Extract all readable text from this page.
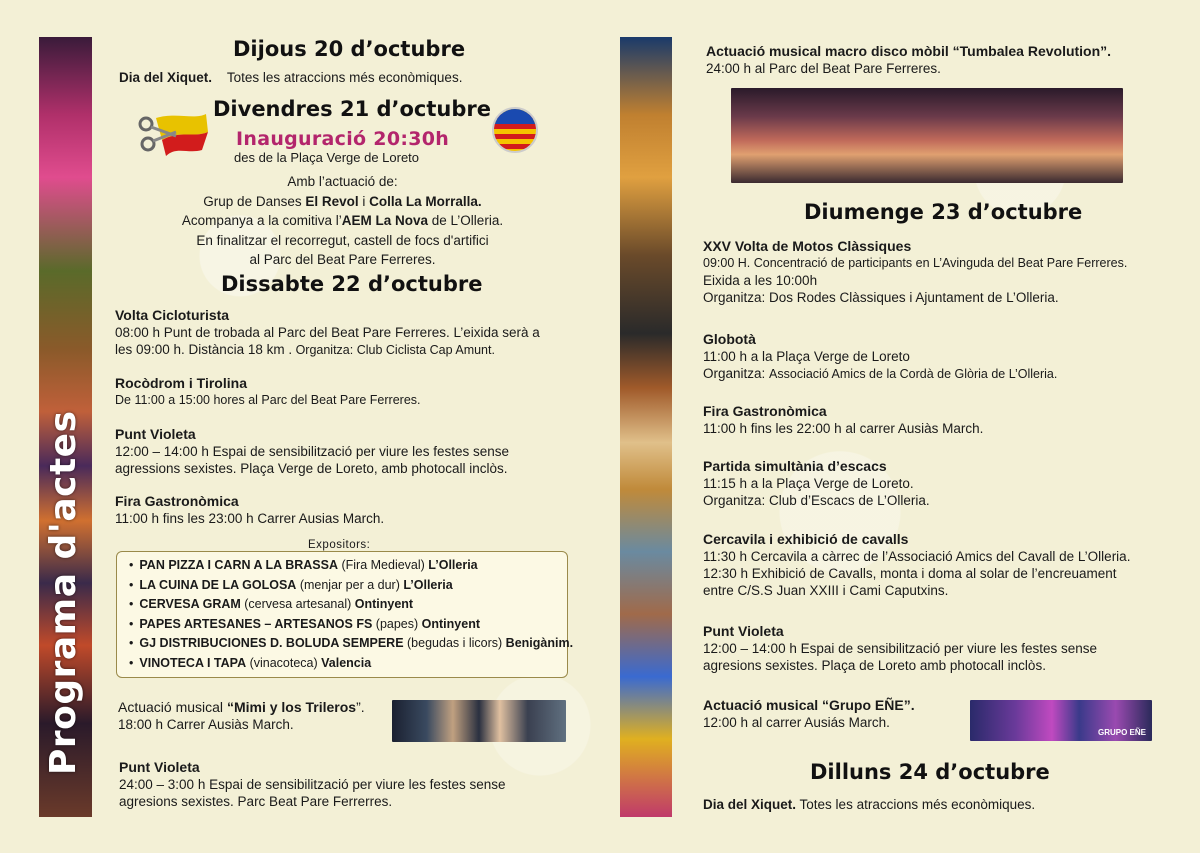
Programa d'actes
Dijous 20 d’octubre
Dia del Xiquet. Totes les atraccions més econòmiques.
Divendres 21 d’octubre
Inauguració 20:30h
des de la Plaça Verge de Loreto
Amb l’actuació de:
Grup de Danses El Revol i Colla La Morralla.
Acompanya a la comitiva l’AEM La Nova de L’Olleria.
En finalitzar el recorregut, castell de focs d'artifici
al Parc del Beat Pare Ferreres.
Dissabte 22 d’octubre
Volta Cicloturista
08:00 h Punt de trobada al Parc del Beat Pare Ferreres. L’eixida serà a
les 09:00 h. Distància 18 km . Organitza: Club Ciclista Cap Amunt.
Rocòdrom i Tirolina
De 11:00 a 15:00 hores al Parc del Beat Pare Ferreres.
Punt Violeta
12:00 – 14:00 h Espai de sensibilització per viure les festes sense
agressions sexistes. Plaça Verge de Loreto, amb photocall inclòs.
Fira Gastronòmica
11:00 h fins les 23:00 h Carrer Ausias March.
Expositors:
• PAN PIZZA I CARN A LA BRASSA (Fira Medieval) L’Olleria
• LA CUINA DE LA GOLOSA (menjar per a dur) L’Olleria
• CERVESA GRAM (cervesa artesanal) Ontinyent
• PAPES ARTESANES – ARTESANOS FS (papes) Ontinyent
• GJ DISTRIBUCIONES D. BOLUDA SEMPERE (begudas i licors) Benigànim.
• VINOTECA I TAPA (vinacoteca) Valencia
Actuació musical “Mimi y los Trileros”.
18:00 h Carrer Ausiàs March.
Punt Violeta
24:00 – 3:00 h Espai de sensibilització per viure les festes sense
agresions sexistes. Parc Beat Pare Ferrerres.
Actuació musical macro disco mòbil “Tumbalea Revolution”.
24:00 h al Parc del Beat Pare Ferreres.
Diumenge 23 d’octubre
XXV Volta de Motos Clàssiques
09:00 H. Concentració de participants en L’Avinguda del Beat Pare Ferreres.
Eixida a les 10:00h
Organitza: Dos Rodes Clàssiques i Ajuntament de L’Olleria.
Globotà
11:00 h a la Plaça Verge de Loreto
Organitza: Associació Amics de la Cordà de Glòria de L’Olleria.
Fira Gastronòmica
11:00 h fins les 22:00 h al carrer Ausiàs March.
Partida simultània d’escacs
11:15 h a la Plaça Verge de Loreto.
Organitza: Club d’Escacs de L’Olleria.
Cercavila i exhibició de cavalls
11:30 h Cercavila a càrrec de l’Associació Amics del Cavall de L’Olleria.
12:30 h Exhibició de Cavalls, monta i doma al solar de l’encreuament
entre C/S.S Juan XXIII i Cami Caputxins.
Punt Violeta
12:00 – 14:00 h Espai de sensibilització per viure les festes sense
agresions sexistes. Plaça de Loreto amb photocall inclòs.
Actuació musical “Grupo EÑE”.
12:00 h al carrer Ausiás March.
GRUPO EÑE
Dilluns 24 d’octubre
Dia del Xiquet. Totes les atraccions més econòmiques.
